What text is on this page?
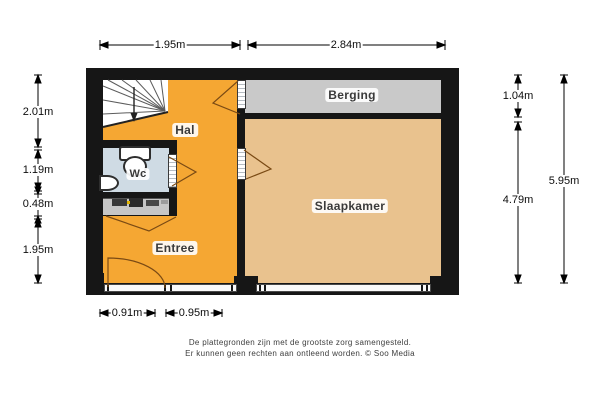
Hal
Wc
Entree
Berging
Slaapkamer
1.95m	2.84m
2.01m
1.19m
0.48m
1.95m
1.04m
4.79m
5.95m
0.91m	0.95m
De plattegronden zijn met de grootste zorg samengesteld.
Er kunnen geen rechten aan ontleend worden. © Soo Media
